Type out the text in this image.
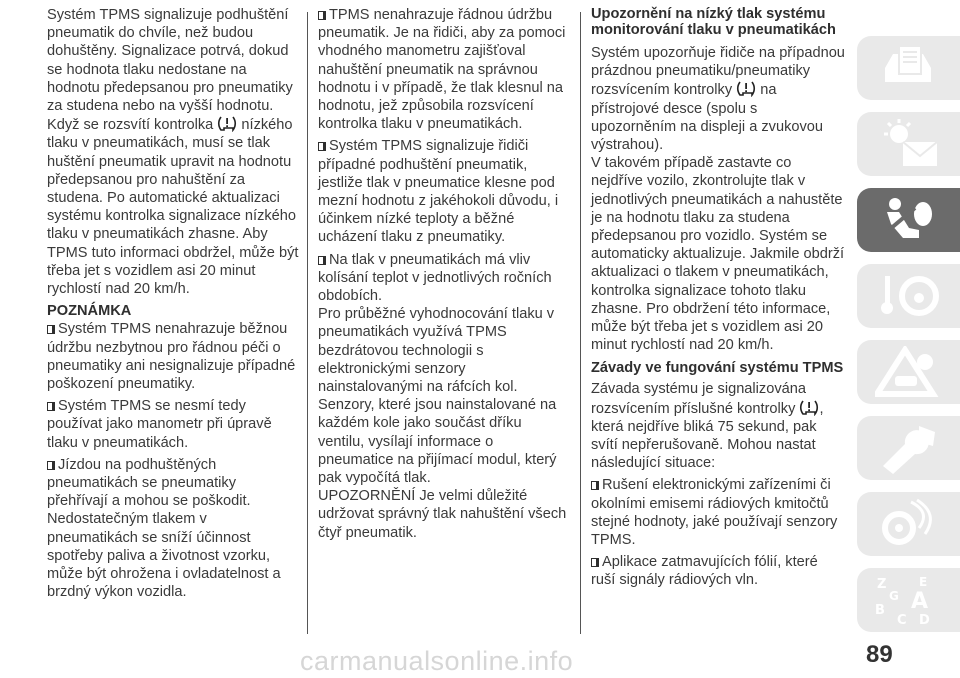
Systém TPMS signalizuje podhuštění pneumatik do chvíle, než budou dohuštěny. Signalizace potrvá, dokud se hodnota tlaku nedostane na hodnotu předepsanou pro pneumatiky za studena nebo na vyšší hodnotu. Když se rozsvítí kontrolka nízkého tlaku v pneumatikách, musí se tlak huštění pneumatik upravit na hodnotu předepsanou pro nahuštění za studena. Po automatické aktualizaci systému kontrolka signalizace nízkého tlaku v pneumatikách zhasne. Aby TPMS tuto informaci obdržel, může být třeba jet s vozidlem asi 20 minut rychlostí nad 20 km/h.

POZNÁMKA

Systém TPMS nenahrazuje běžnou údržbu nezbytnou pro řádnou péči o pneumatiky ani nesignalizuje případné poškození pneumatiky.

Systém TPMS se nesmí tedy používat jako manometr při úpravě tlaku v pneumatikách.

Jízdou na podhuštěných pneumatikách se pneumatiky přehřívají a mohou se poškodit. Nedostatečným tlakem v pneumatikách se sníží účinnost spotřeby paliva a životnost vzorku, může být ohrožena i ovladatelnost a brzdný výkon vozidla.

TPMS nenahrazuje řádnou údržbu pneumatik. Je na řidiči, aby za pomoci vhodného manometru zajišťoval nahuštění pneumatik na správnou hodnotu i v případě, že tlak klesnul na hodnotu, jež způsobila rozsvícení kontrolka tlaku v pneumatikách.

Systém TPMS signalizuje řidiči případné podhuštění pneumatik, jestliže tlak v pneumatice klesne pod mezní hodnotu z jakéhokoli důvodu, i účinkem nízké teploty a běžné ucházení tlaku z pneumatiky.

Na tlak v pneumatikách má vliv kolísání teplot v jednotlivých ročních obdobích.

Pro průběžné vyhodnocování tlaku v pneumatikách využívá TPMS bezdrátovou technologii s elektronickými senzory nainstalovanými na ráfcích kol. Senzory, které jsou nainstalované na každém kole jako součást dříku ventilu, vysílají informace o pneumatice na přijímací modul, který pak vypočítá tlak.

UPOZORNĚNÍ Je velmi důležité udržovat správný tlak nahuštění všech čtyř pneumatik.

Upozornění na nízký tlak systému monitorování tlaku v pneumatikách

Systém upozorňuje řidiče na případnou prázdnou pneumatiku/pneumatiky rozsvícením kontrolky na přístrojové desce (spolu s upozorněním na displeji a zvukovou výstrahou).

V takovém případě zastavte co nejdříve vozilo, zkontrolujte tlak v jednotlivých pneumatikách a nahustěte je na hodnotu tlaku za studena předepsanou pro vozidlo. Systém se automaticky aktualizuje. Jakmile obdrží aktualizaci o tlakem v pneumatikách, kontrolka signalizace tohoto tlaku zhasne. Pro obdržení této informace, může být třeba jet s vozidlem asi 20 minut rychlostí nad 20 km/h.

Závady ve fungování systému TPMS

Závada systému je signalizována rozsvícením příslušné kontrolky , která nejdříve bliká 75 sekund, pak svítí nepřerušovaně. Mohou nastat následující situace:

Rušení elektronickými zařízeními či okolními emisemi rádiových kmitočtů stejné hodnoty, jaké používají senzory TPMS.

Aplikace zatmavujících fólií, které ruší signály rádiových vln.	Z	E
G A
B
C D
89
carmanualsonline.info
